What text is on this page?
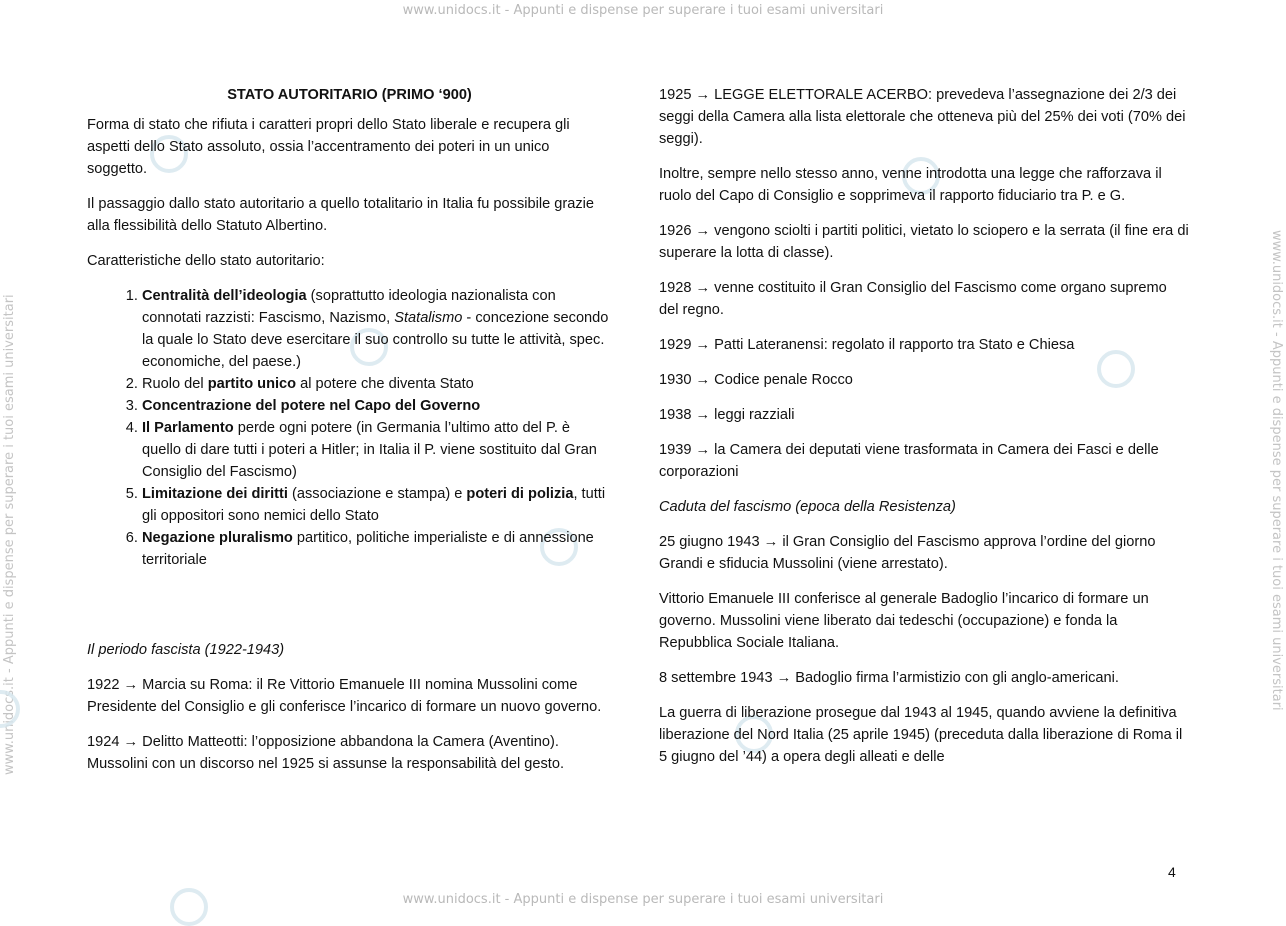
www.unidocs.it - Appunti e dispense per superare i tuoi esami universitari
www.unidocs.it - Appunti e dispense per superare i tuoi esami universitari
www.unidocs.it - Appunti e dispense per superare i tuoi esami universitari	www.unidocs.it - Appunti e dispense per superare i tuoi esami universitari
STATO AUTORITARIO (PRIMO ‘900)

Forma di stato che rifiuta i caratteri propri dello Stato liberale e recupera gli aspetti dello Stato assoluto, ossia l’accentramento dei poteri in un unico soggetto.

Il passaggio dallo stato autoritario a quello totalitario in Italia fu possibile grazie alla flessibilità dello Statuto Albertino.

Caratteristiche dello stato autoritario:

1. Centralità dell’ideologia (soprattutto ideologia nazionalista con connotati razzisti: Fascismo, Nazismo, Statalismo - concezione secondo la quale lo Stato deve esercitare il suo controllo su tutte le attività, spec. economiche, del paese.)
2. Ruolo del partito unico al potere che diventa Stato
3. Concentrazione del potere nel Capo del Governo
4. Il Parlamento perde ogni potere (in Germania l’ultimo atto del P. è quello di dare tutti i poteri a Hitler; in Italia il P. viene sostituito dal Gran Consiglio del Fascismo)
5. Limitazione dei diritti (associazione e stampa) e poteri di polizia, tutti gli oppositori sono nemici dello Stato
6. Negazione pluralismo partitico, politiche imperialiste e di annessione territoriale

Il periodo fascista (1922-1943)

1922 → Marcia su Roma: il Re Vittorio Emanuele III nomina Mussolini come Presidente del Consiglio e gli conferisce l’incarico di formare un nuovo governo.

1924 → Delitto Matteotti: l’opposizione abbandona la Camera (Aventino). Mussolini con un discorso nel 1925 si assunse la responsabilità del gesto.

1925 → LEGGE ELETTORALE ACERBO: prevedeva l’assegnazione dei 2/3 dei seggi della Camera alla lista elettorale che otteneva più del 25% dei voti (70% dei seggi).

Inoltre, sempre nello stesso anno, venne introdotta una legge che rafforzava il ruolo del Capo di Consiglio e sopprimeva il rapporto fiduciario tra P. e G.

1926 → vengono sciolti i partiti politici, vietato lo sciopero e la serrata (il fine era di superare la lotta di classe).

1928 → venne costituito il Gran Consiglio del Fascismo come organo supremo del regno.

1929 → Patti Lateranensi: regolato il rapporto tra Stato e Chiesa

1930 → Codice penale Rocco

1938 → leggi razziali

1939 → la Camera dei deputati viene trasformata in Camera dei Fasci e delle corporazioni

Caduta del fascismo (epoca della Resistenza)

25 giugno 1943 → il Gran Consiglio del Fascismo approva l’ordine del giorno Grandi e sfiducia Mussolini (viene arrestato).

Vittorio Emanuele III conferisce al generale Badoglio l’incarico di formare un governo. Mussolini viene liberato dai tedeschi (occupazione) e fonda la Repubblica Sociale Italiana.

8 settembre 1943 → Badoglio firma l’armistizio con gli anglo-americani.

La guerra di liberazione prosegue dal 1943 al 1945, quando avviene la definitiva liberazione del Nord Italia (25 aprile 1945) (preceduta dalla liberazione di Roma il 5 giugno del ’44) a opera degli alleati e delle

4
